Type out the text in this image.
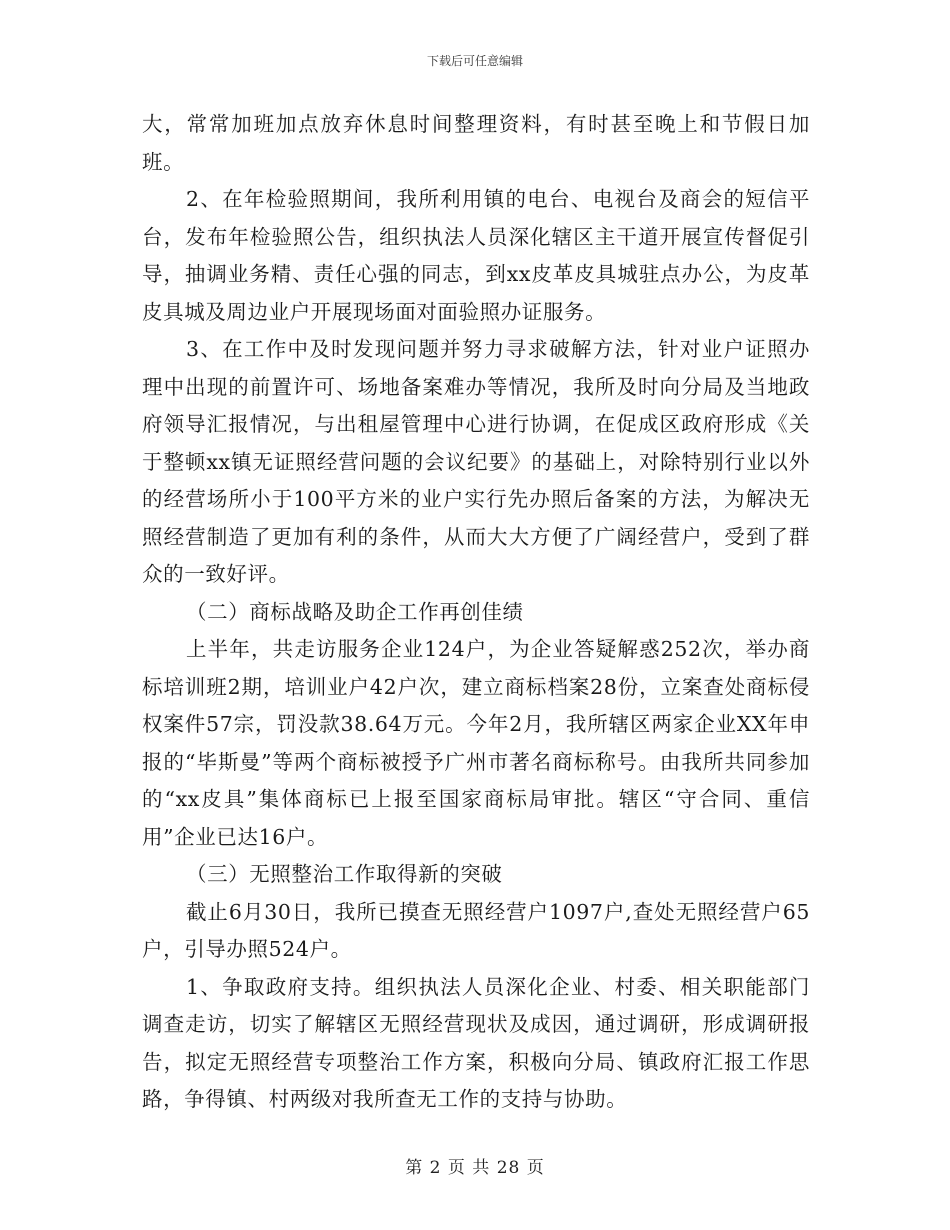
下载后可任意编辑

大，常常加班加点放弃休息时间整理资料，有时甚至晚上和节假日加班。

2、在年检验照期间，我所利用镇的电台、电视台及商会的短信平台，发布年检验照公告，组织执法人员深化辖区主干道开展宣传督促引导，抽调业务精、责任心强的同志，到xx皮革皮具城驻点办公，为皮革皮具城及周边业户开展现场面对面验照办证服务。

3、在工作中及时发现问题并努力寻求破解方法，针对业户证照办理中出现的前置许可、场地备案难办等情况，我所及时向分局及当地政府领导汇报情况，与出租屋管理中心进行协调，在促成区政府形成《关于整顿xx镇无证照经营问题的会议纪要》的基础上，对除特别行业以外的经营场所小于100平方米的业户实行先办照后备案的方法，为解决无照经营制造了更加有利的条件，从而大大方便了广阔经营户，受到了群众的一致好评。

（二）商标战略及助企工作再创佳绩

上半年，共走访服务企业124户，为企业答疑解惑252次，举办商标培训班2期，培训业户42户次，建立商标档案28份，立案查处商标侵权案件57宗，罚没款38.64万元。今年2月，我所辖区两家企业XX年申报的“毕斯曼”等两个商标被授予广州市著名商标称号。由我所共同参加的“xx皮具”集体商标已上报至国家商标局审批。辖区“守合同、重信用”企业已达16户。

（三）无照整治工作取得新的突破

截止6月30日，我所已摸查无照经营户1097户,查处无照经营户65户，引导办照524户。

1、争取政府支持。组织执法人员深化企业、村委、相关职能部门调查走访，切实了解辖区无照经营现状及成因，通过调研，形成调研报告，拟定无照经营专项整治工作方案，积极向分局、镇政府汇报工作思路，争得镇、村两级对我所查无工作的支持与协助。

第 2 页 共 28 页
